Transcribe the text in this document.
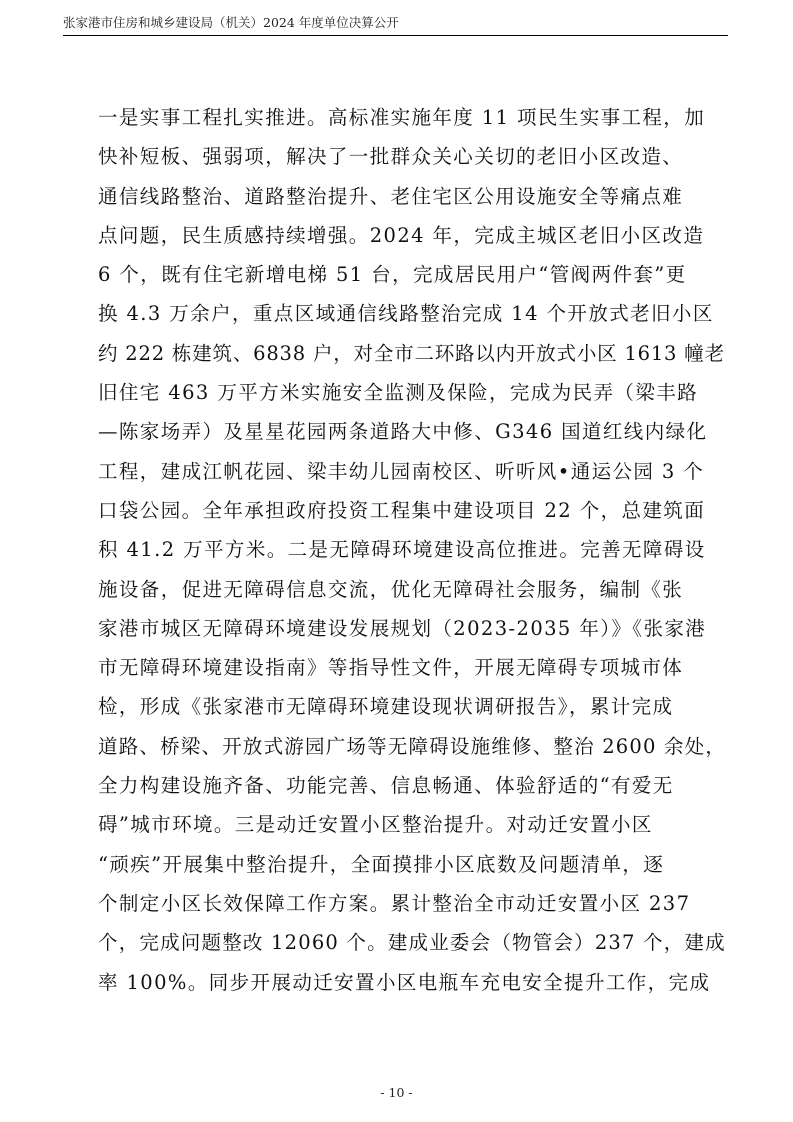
张家港市住房和城乡建设局（机关）2024 年度单位决算公开
一是实事工程扎实推进。高标准实施年度 11 项民生实事工程，加
快补短板、强弱项，解决了一批群众关心关切的老旧小区改造、
通信线路整治、道路整治提升、老住宅区公用设施安全等痛点难
点问题，民生质感持续增强。2024 年，完成主城区老旧小区改造
6 个，既有住宅新增电梯 51 台，完成居民用户“管阀两件套”更
换 4.3 万余户，重点区域通信线路整治完成 14 个开放式老旧小区
约 222 栋建筑、6838 户，对全市二环路以内开放式小区 1613 幢老
旧住宅 463 万平方米实施安全监测及保险，完成为民弄（梁丰路
—陈家场弄）及星星花园两条道路大中修、G346 国道红线内绿化
工程，建成江帆花园、梁丰幼儿园南校区、听听风•通运公园 3 个
口袋公园。全年承担政府投资工程集中建设项目 22 个，总建筑面
积 41.2 万平方米。二是无障碍环境建设高位推进。完善无障碍设
施设备，促进无障碍信息交流，优化无障碍社会服务，编制《张
家港市城区无障碍环境建设发展规划（2023-2035 年）》《张家港
市无障碍环境建设指南》等指导性文件，开展无障碍专项城市体
检，形成《张家港市无障碍环境建设现状调研报告》，累计完成
道路、桥梁、开放式游园广场等无障碍设施维修、整治 2600 余处，
全力构建设施齐备、功能完善、信息畅通、体验舒适的“有爱无
碍”城市环境。三是动迁安置小区整治提升。对动迁安置小区
“顽疾”开展集中整治提升，全面摸排小区底数及问题清单，逐
个制定小区长效保障工作方案。累计整治全市动迁安置小区 237
个，完成问题整改 12060 个。建成业委会（物管会）237 个，建成
率 100%。同步开展动迁安置小区电瓶车充电安全提升工作，完成
- 10 -
